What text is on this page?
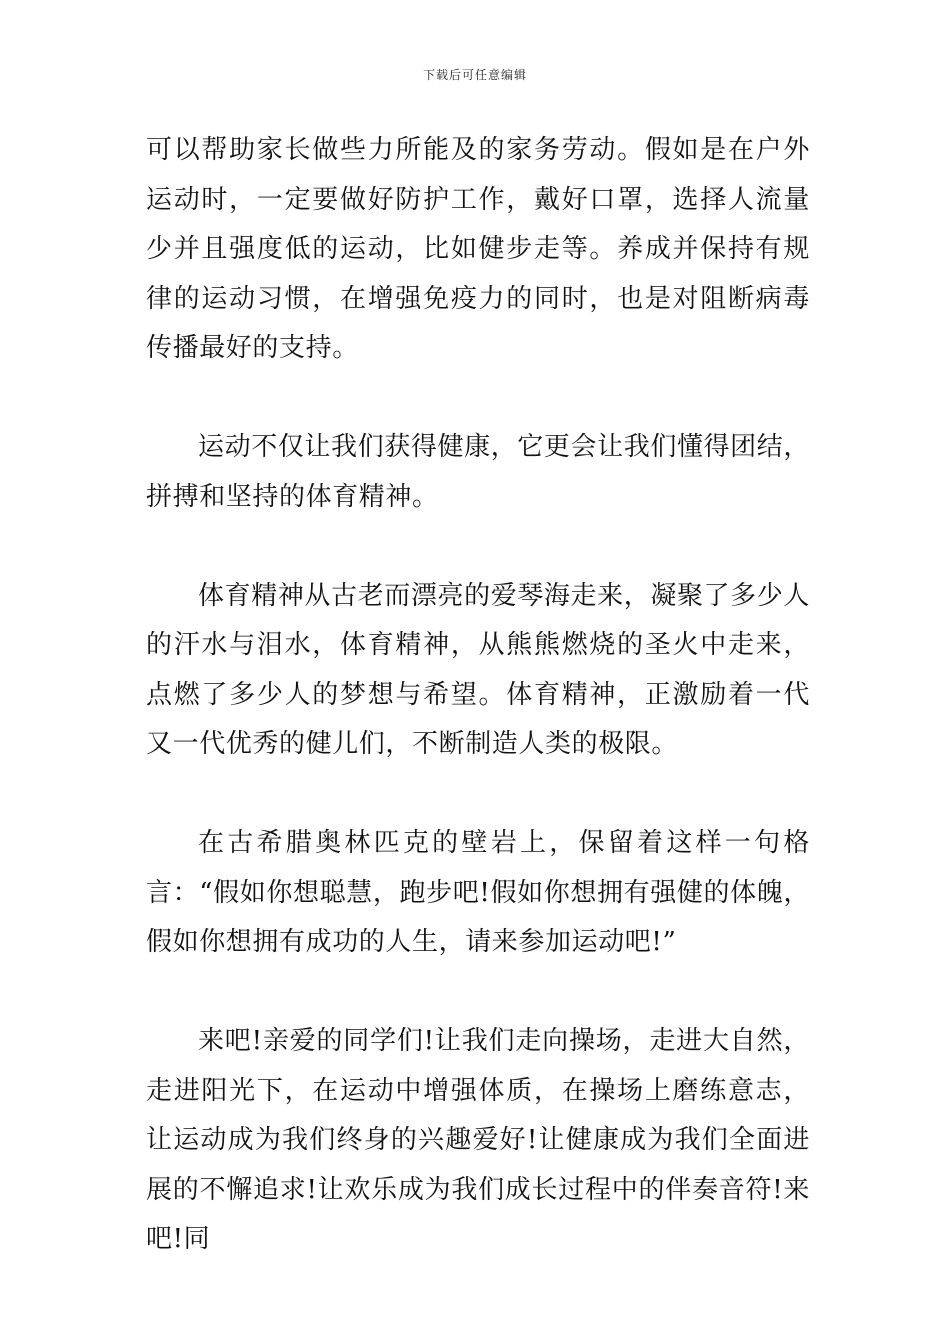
下载后可任意编辑

可以帮助家长做些力所能及的家务劳动。假如是在户外运动时，一定要做好防护工作，戴好口罩，选择人流量少并且强度低的运动，比如健步走等。养成并保持有规律的运动习惯，在增强免疫力的同时，也是对阻断病毒传播最好的支持。

运动不仅让我们获得健康，它更会让我们懂得团结，拼搏和坚持的体育精神。

体育精神从古老而漂亮的爱琴海走来，凝聚了多少人的汗水与泪水，体育精神，从熊熊燃烧的圣火中走来，点燃了多少人的梦想与希望。体育精神，正激励着一代又一代优秀的健儿们，不断制造人类的极限。

在古希腊奥林匹克的壁岩上，保留着这样一句格言：“假如你想聪慧，跑步吧!假如你想拥有强健的体魄，假如你想拥有成功的人生，请来参加运动吧!”

来吧!亲爱的同学们!让我们走向操场，走进大自然，走进阳光下，在运动中增强体质，在操场上磨练意志，让运动成为我们终身的兴趣爱好!让健康成为我们全面进展的不懈追求!让欢乐成为我们成长过程中的伴奏音符!来吧!同
